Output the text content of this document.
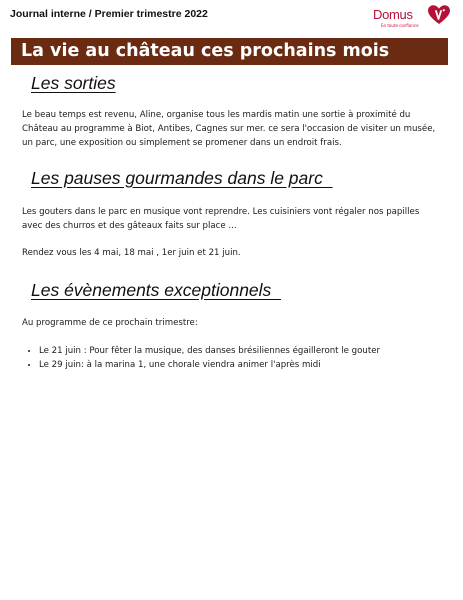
Journal interne / Premier trimestre 2022	Domus
En toute confiance
La vie au château ces prochains mois
Les sorties
Le beau temps est revenu, Aline, organise tous les mardis matin une sortie à proximité du Château au programme à Biot, Antibes, Cagnes sur mer. ce sera l'occasion de visiter un musée, un parc, une exposition ou simplement se promener dans un endroit frais.
Les pauses gourmandes dans le parc
Les gouters dans le parc en musique vont reprendre. Les cuisiniers vont régaler nos papilles avec des churros et des gâteaux faits sur place ...
Rendez vous les 4 mai, 18 mai , 1er juin et 21 juin.
Les évènements exceptionnels
Au programme de ce prochain trimestre:
• Le 21 juin : Pour fêter la musique, des danses brésiliennes égailleront le gouter
• Le 29 juin: à la marina 1, une chorale viendra animer l'après midi
